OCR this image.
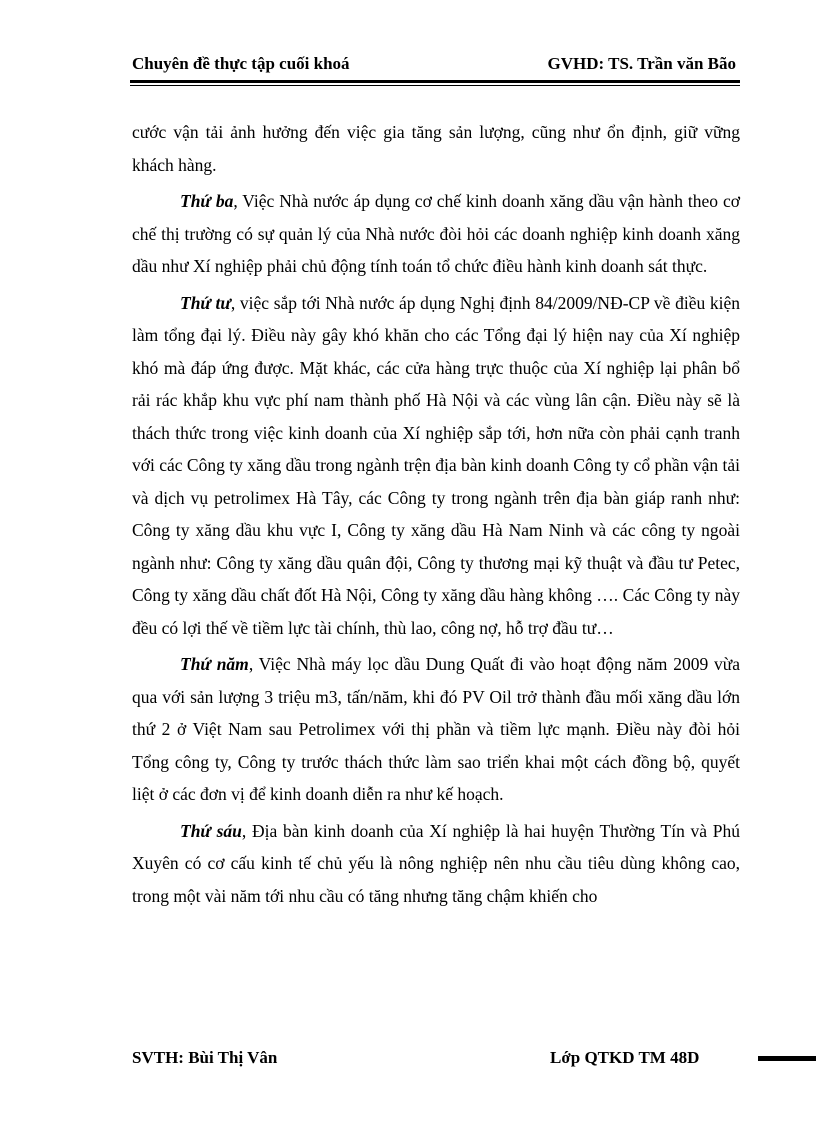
Chuyên đề thực tập cuối khoá	GVHD: TS. Trần văn Bão

cước vận tải ảnh hưởng đến việc gia tăng sản lượng, cũng như ổn định, giữ vững khách hàng.

Thứ ba, Việc Nhà nước áp dụng cơ chế kinh doanh xăng dầu vận hành theo cơ chế thị trường có sự quản lý của Nhà nước đòi hỏi các doanh nghiệp kinh doanh xăng dầu như Xí nghiệp phải chủ động tính toán tổ chức điều hành kinh doanh sát thực.

Thứ tư, việc sắp tới Nhà nước áp dụng Nghị định 84/2009/NĐ-CP về điều kiện làm tổng đại lý. Điều này gây khó khăn cho các Tổng đại lý hiện nay của Xí nghiệp khó mà đáp ứng được. Mặt khác, các cửa hàng trực thuộc của Xí nghiệp lại phân bổ rải rác khắp khu vực phí nam thành phố Hà Nội và các vùng lân cận. Điều này sẽ là thách thức trong việc kinh doanh của Xí nghiệp sắp tới, hơn nữa còn phải cạnh tranh với các Công ty xăng dầu trong ngành trện địa bàn kinh doanh Công ty cổ phần vận tải và dịch vụ petrolimex Hà Tây, các Công ty trong ngành trên địa bàn giáp ranh như: Công ty xăng dầu khu vực I, Công ty xăng dầu Hà Nam Ninh và các công ty ngoài ngành như: Công ty xăng dầu quân đội, Công ty thương mại kỹ thuật và đầu tư Petec, Công ty xăng dầu chất đốt Hà Nội, Công ty xăng dầu hàng không …. Các Công ty này đều có lợi thế về tiềm lực tài chính, thù lao, công nợ, hỗ trợ đầu tư…

Thứ năm, Việc Nhà máy lọc dầu Dung Quất đi vào hoạt động năm 2009 vừa qua với sản lượng 3 triệu m3, tấn/năm, khi đó PV Oil trở thành đầu mối xăng dầu lớn thứ 2 ở Việt Nam sau Petrolimex với thị phần và tiềm lực mạnh. Điều này đòi hỏi Tổng công ty, Công ty trước thách thức làm sao triển khai một cách đồng bộ, quyết liệt ở các đơn vị để kinh doanh diễn ra như kế hoạch.

Thứ sáu, Địa bàn kinh doanh của Xí nghiệp là hai huyện Thường Tín và Phú Xuyên có cơ cấu kinh tế chủ yếu là nông nghiệp nên nhu cầu tiêu dùng không cao, trong một vài năm tới nhu cầu có tăng nhưng tăng chậm khiến cho

SVTH: Bùi Thị Vân	Lớp QTKD TM 48D
